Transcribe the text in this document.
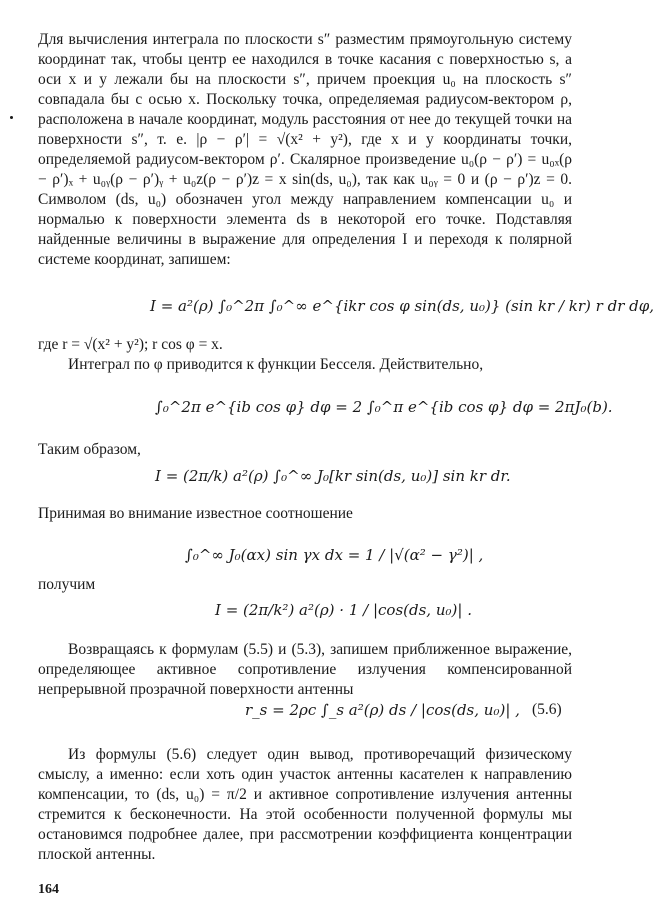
Для вычисления интеграла по плоскости s″ разместим прямоугольную систему координат так, чтобы центр ее находился в точке касания с поверхностью s, а оси x и y лежали бы на плоскости s″, причем проекция u₀ на плоскость s″ совпадала бы с осью x. Поскольку точка, определяемая радиусом-вектором ρ, расположена в начале координат, модуль расстояния от нее до текущей точки на поверхности s″, т. е. |ρ − ρ′| = √(x² + y²), где x и y координаты точки, определяемой радиусом-вектором ρ′. Скалярное произведение u₀(ρ − ρ′) = u₀ₓ(ρ − ρ′)ₓ + u₀ᵧ(ρ − ρ′)ᵧ + u₀z(ρ − ρ′)z = x sin(ds, u₀), так как u₀ᵧ = 0 и (ρ − ρ′)z = 0. Символом (ds, u₀) обозначен угол между направлением компенсации u₀ и нормалью к поверхности элемента ds в некоторой его точке. Подставляя найденные величины в выражение для определения I и переходя к полярной системе координат, запишем:

I = a²(ρ) ∫₀^2π ∫₀^∞ e^{ikr cos φ sin(ds, u₀)} (sin kr / kr) r dr dφ,

где r = √(x² + y²); r cos φ = x.

Интеграл по φ приводится к функции Бесселя. Действительно,

∫₀^2π e^{ib cos φ} dφ = 2 ∫₀^π e^{ib cos φ} dφ = 2πJ₀(b).

Таким образом,

I = (2π/k) a²(ρ) ∫₀^∞ J₀[kr sin(ds, u₀)] sin kr dr.

Принимая во внимание известное соотношение

∫₀^∞ J₀(αx) sin γx dx = 1 / |√(α² − γ²)| ,

получим

I = (2π/k²) a²(ρ) · 1 / |cos(ds, u₀)| .

Возвращаясь к формулам (5.5) и (5.3), запишем приближенное выражение, определяющее активное сопротивление излучения компенсированной непрерывной прозрачной поверхности антенны

r_s = 2ρc ∫_s a²(ρ) ds / |cos(ds, u₀)| , (5.6)

Из формулы (5.6) следует один вывод, противоречащий физическому смыслу, а именно: если хоть один участок антенны касателен к направлению компенсации, то (ds, u₀) = π/2 и активное сопротивление излучения антенны стремится к бесконечности. На этой особенности полученной формулы мы остановимся подробнее далее, при рассмотрении коэффициента концентрации плоской антенны.

164
